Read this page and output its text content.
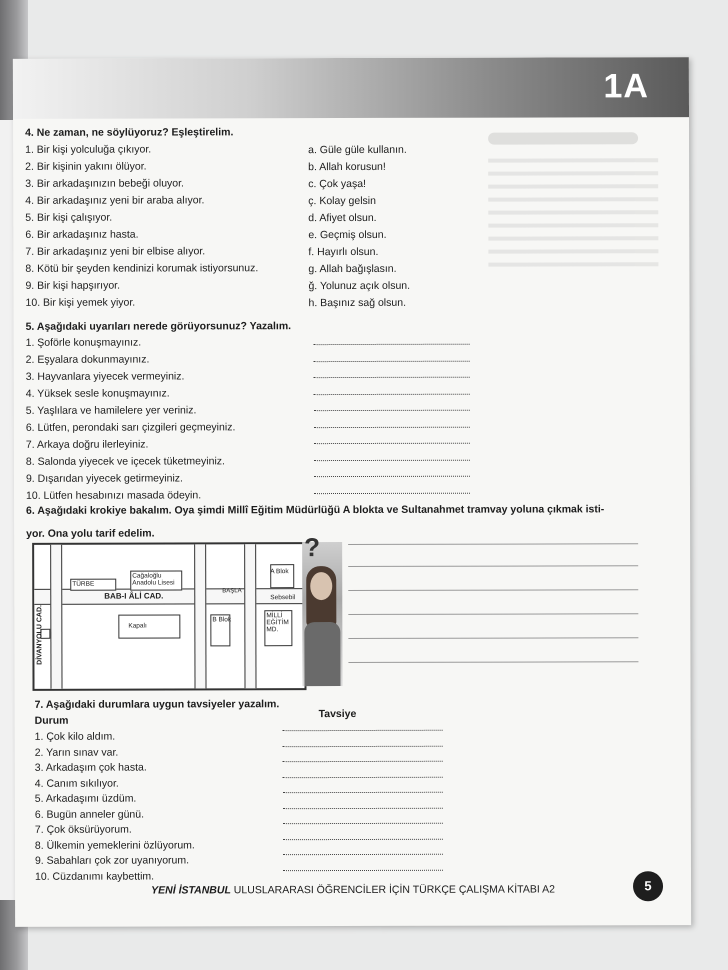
1A
4. Ne zaman, ne söylüyoruz? Eşleştirelim.
1. Bir kişi yolculuğa çıkıyor.
2. Bir kişinin yakını ölüyor.
3. Bir arkadaşınızın bebeği oluyor.
4. Bir arkadaşınız yeni bir araba alıyor.
5. Bir kişi çalışıyor.
6. Bir arkadaşınız hasta.
7. Bir arkadaşınız yeni bir elbise alıyor.
8. Kötü bir şeyden kendinizi korumak istiyorsunuz.
9. Bir kişi hapşırıyor.
10. Bir kişi yemek yiyor.
a. Güle güle kullanın.
b. Allah korusun!
c. Çok yaşa!
ç. Kolay gelsin
d. Afiyet olsun.
e. Geçmiş olsun.
f. Hayırlı olsun.
g. Allah bağışlasın.
ğ. Yolunuz açık olsun.
h. Başınız sağ olsun.
5. Aşağıdaki uyarıları nerede görüyorsunuz? Yazalım.
1. Şoförle konuşmayınız.
2. Eşyalara dokunmayınız.
3. Hayvanlara yiyecek vermeyiniz.
4. Yüksek sesle konuşmayınız.
5. Yaşlılara ve hamilelere yer veriniz.
6. Lütfen, perondaki sarı çizgileri geçmeyiniz.
7. Arkaya doğru ilerleyiniz.
8. Salonda yiyecek ve içecek tüketmeyiniz.
9. Dışarıdan yiyecek getirmeyiniz.
10. Lütfen hesabınızı masada ödeyin.
6. Aşağıdaki krokiye bakalım. Oya şimdi Millî Eğitim Müdürlüğü A blokta ve Sultanahmet tramvay yoluna çıkmak isti-
yor. Ona yolu tarif edelim.
TÜRBE
Cağaloğlu Anadolu Lisesi
BAB-I ÂLİ CAD.
DİVANYOLU CAD.	MİLLİ EĞİTİM MD.
A Blok
B Blok
Kapalı
Sebsebil
BAŞLA
?
7. Aşağıdaki durumlara uygun tavsiyeler yazalım.
Durum
Tavsiye
1. Çok kilo aldım.
2. Yarın sınav var.
3. Arkadaşım çok hasta.
4. Canım sıkılıyor.
5. Arkadaşımı üzdüm.
6. Bugün anneler günü.
7. Çok öksürüyorum.
8. Ülkemin yemeklerini özlüyorum.
9. Sabahları çok zor uyanıyorum.
10. Cüzdanımı kaybettim.
YENİ İSTANBUL ULUSLARARASI ÖĞRENCİLER İÇİN TÜRKÇE ÇALIŞMA KİTABI A2	5
